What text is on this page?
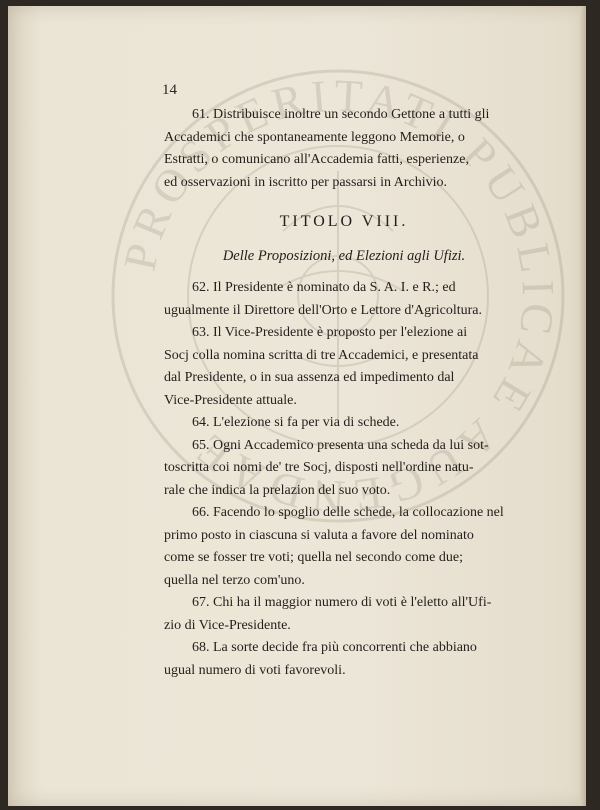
PROSPERITATI PUBLICAE AUGENDAE
14
61. Distribuisce inoltre un secondo Gettone a tutti gli
Accademici che spontaneamente leggono Memorie, o
Estratti, o comunicano all'Accademia fatti, esperienze,
ed osservazioni in iscritto per passarsi in Archivio.
TITOLO VIII.
Delle Proposizioni, ed Elezioni agli Ufizi.
62. Il Presidente è nominato da S. A. I. e R.; ed
ugualmente il Direttore dell'Orto e Lettore d'Agricoltura.
63. Il Vice-Presidente è proposto per l'elezione ai
Socj colla nomina scritta di tre Accademici, e presentata
dal Presidente, o in sua assenza ed impedimento dal
Vice-Presidente attuale.
64. L'elezione si fa per via di schede.
65. Ogni Accademico presenta una scheda da lui sot-
toscritta coi nomi de' tre Socj, disposti nell'ordine natu-
rale che indica la prelazion del suo voto.
66. Facendo lo spoglio delle schede, la collocazione nel
primo posto in ciascuna si valuta a favore del nominato
come se fosser tre voti; quella nel secondo come due;
quella nel terzo com'uno.
67. Chi ha il maggior numero di voti è l'eletto all'Ufi-
zio di Vice-Presidente.
68. La sorte decide fra più concorrenti che abbiano
ugual numero di voti favorevoli.
